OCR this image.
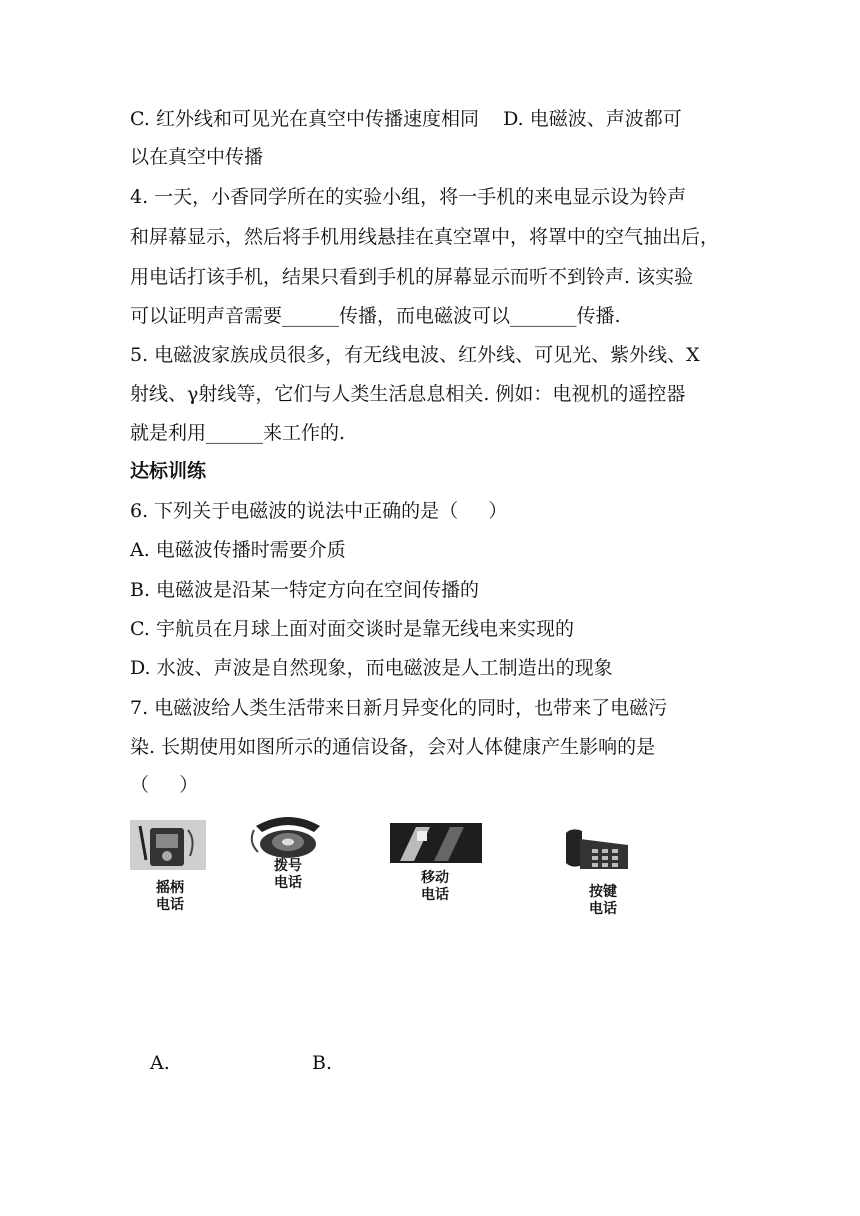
C. 红外线和可见光在真空中传播速度相同    D. 电磁波、声波都可
以在真空中传播
4. 一天，小香同学所在的实验小组，将一手机的来电显示设为铃声
和屏幕显示，然后将手机用线悬挂在真空罩中，将罩中的空气抽出后，
用电话打该手机，结果只看到手机的屏幕显示而听不到铃声. 该实验
可以证明声音需要______传播，而电磁波可以_______传播.
5. 电磁波家族成员很多，有无线电波、红外线、可见光、紫外线、X
射线、γ射线等，它们与人类生活息息相关. 例如：电视机的遥控器
就是利用______来工作的.
达标训练
6. 下列关于电磁波的说法中正确的是（     ）
A. 电磁波传播时需要介质
B. 电磁波是沿某一特定方向在空间传播的
C. 宇航员在月球上面对面交谈时是靠无线电来实现的
D. 水波、声波是自然现象，而电磁波是人工制造出的现象
7. 电磁波给人类生活带来日新月异变化的同时，也带来了电磁污
染. 长期使用如图所示的通信设备，会对人体健康产生影响的是
（     ）
摇柄
电话
拨号
电话	移动
电话	按键
电话
A.	B.
